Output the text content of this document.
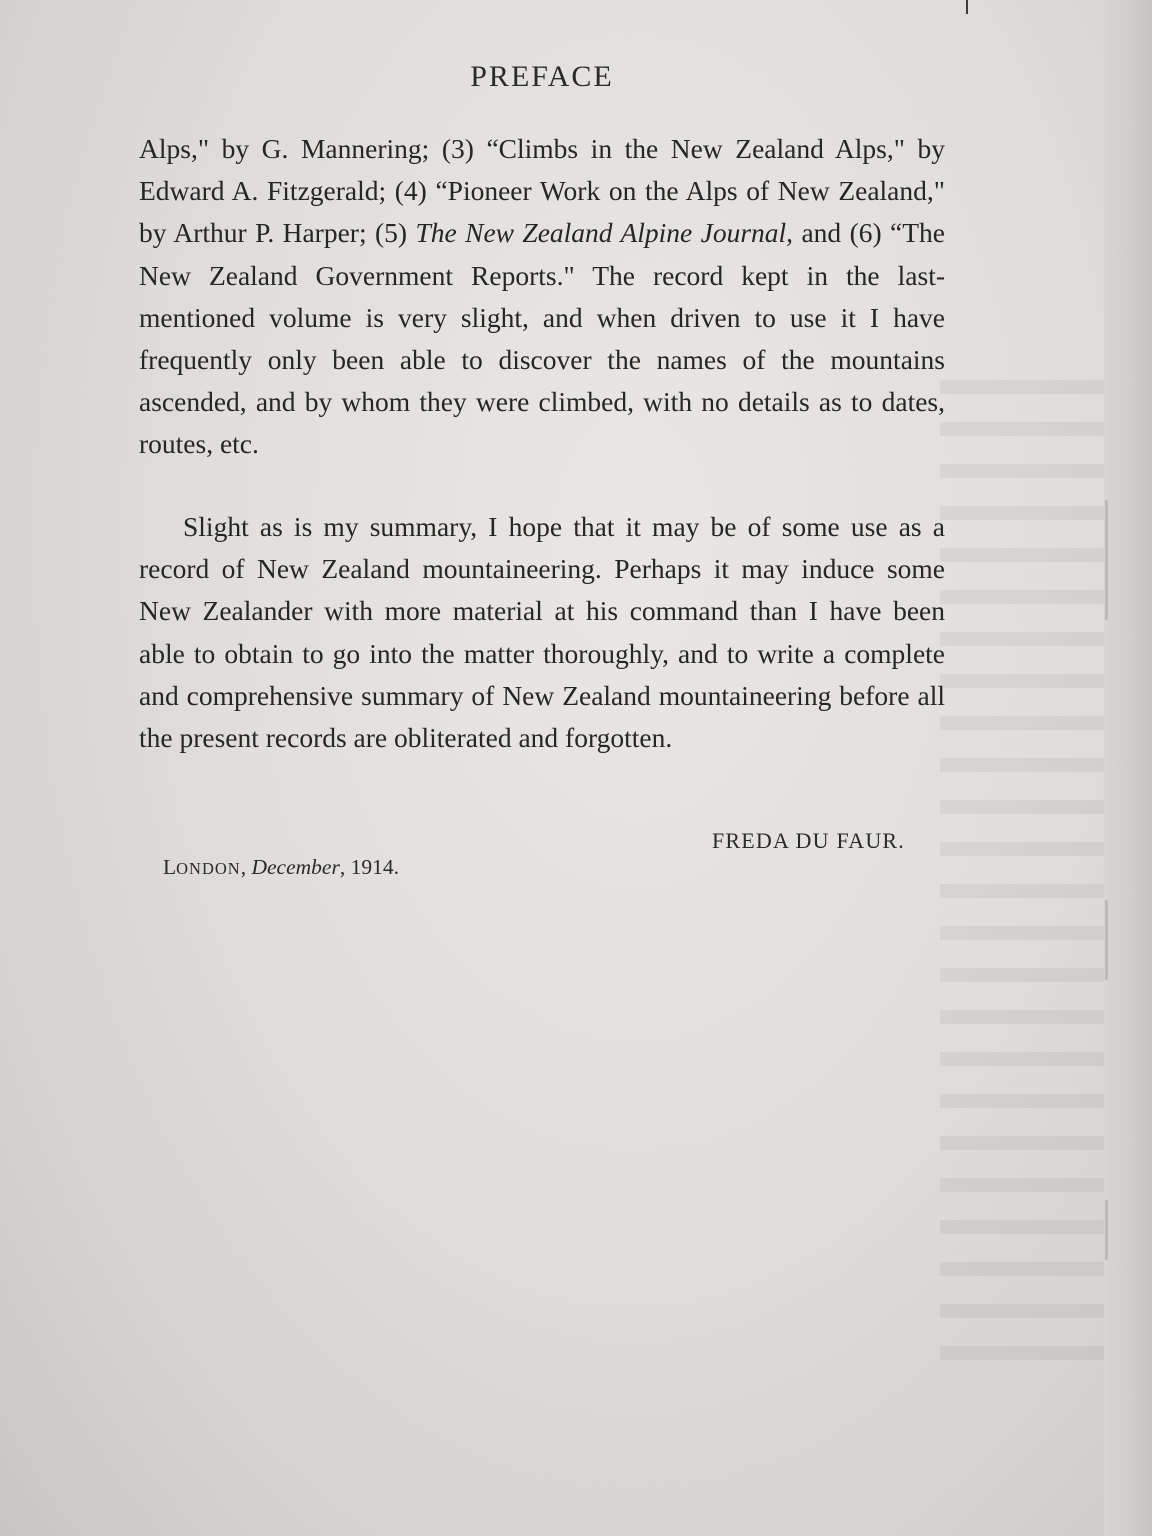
PREFACE

Alps," by G. Mannering; (3) “Climbs in the New Zealand Alps," by Edward A. Fitzgerald; (4) “Pioneer Work on the Alps of New Zealand," by Arthur P. Harper; (5) The New Zealand Alpine Journal, and (6) “The New Zealand Government Reports." The record kept in the last-mentioned volume is very slight, and when driven to use it I have frequently only been able to discover the names of the mountains ascended, and by whom they were climbed, with no details as to dates, routes, etc.

Slight as is my summary, I hope that it may be of some use as a record of New Zealand mountaineering. Perhaps it may induce some New Zealander with more material at his command than I have been able to obtain to go into the matter thoroughly, and to write a complete and comprehensive summary of New Zealand mountaineering before all the present records are obliterated and forgotten.

FREDA DU FAUR.
LONDON, December, 1914.
